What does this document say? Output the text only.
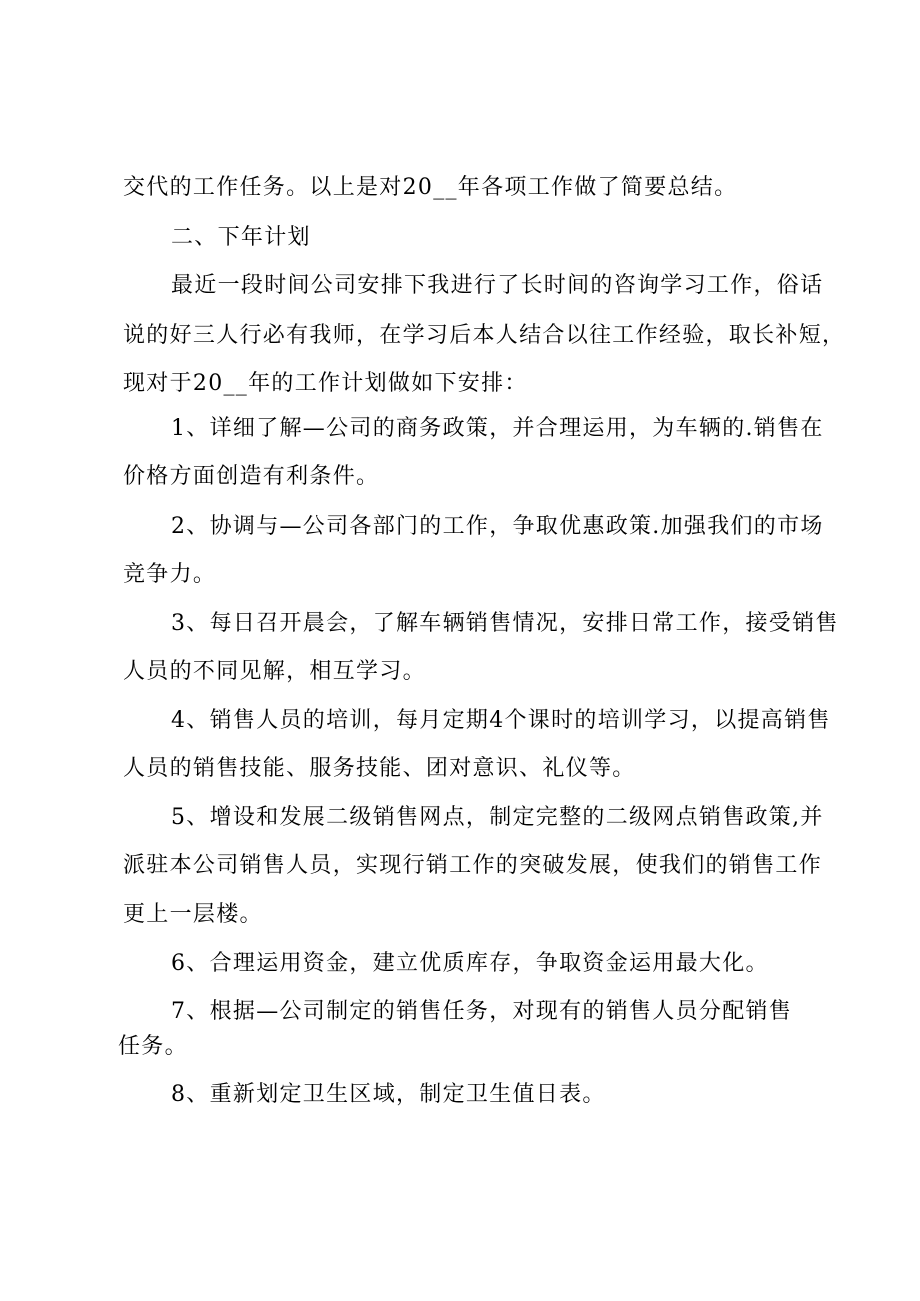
交代的工作任务。以上是对20__年各项工作做了简要总结。
二、下年计划
最近一段时间公司安排下我进行了长时间的咨询学习工作，俗话
说的好三人行必有我师，在学习后本人结合以往工作经验，取长补短，
现对于20__年的工作计划做如下安排：
1、详细了解—公司的商务政策，并合理运用，为车辆的.销售在
价格方面创造有利条件。
2、协调与—公司各部门的工作，争取优惠政策.加强我们的市场
竞争力。
3、每日召开晨会，了解车辆销售情况，安排日常工作，接受销售
人员的不同见解，相互学习。
4、销售人员的培训，每月定期4个课时的培训学习，以提高销售
人员的销售技能、服务技能、团对意识、礼仪等。
5、增设和发展二级销售网点，制定完整的二级网点销售政策,并
派驻本公司销售人员，实现行销工作的突破发展，使我们的销售工作
更上一层楼。
6、合理运用资金，建立优质库存，争取资金运用最大化。
7、根据—公司制定的销售任务，对现有的销售人员分配销售
任务。
8、重新划定卫生区域，制定卫生值日表。
